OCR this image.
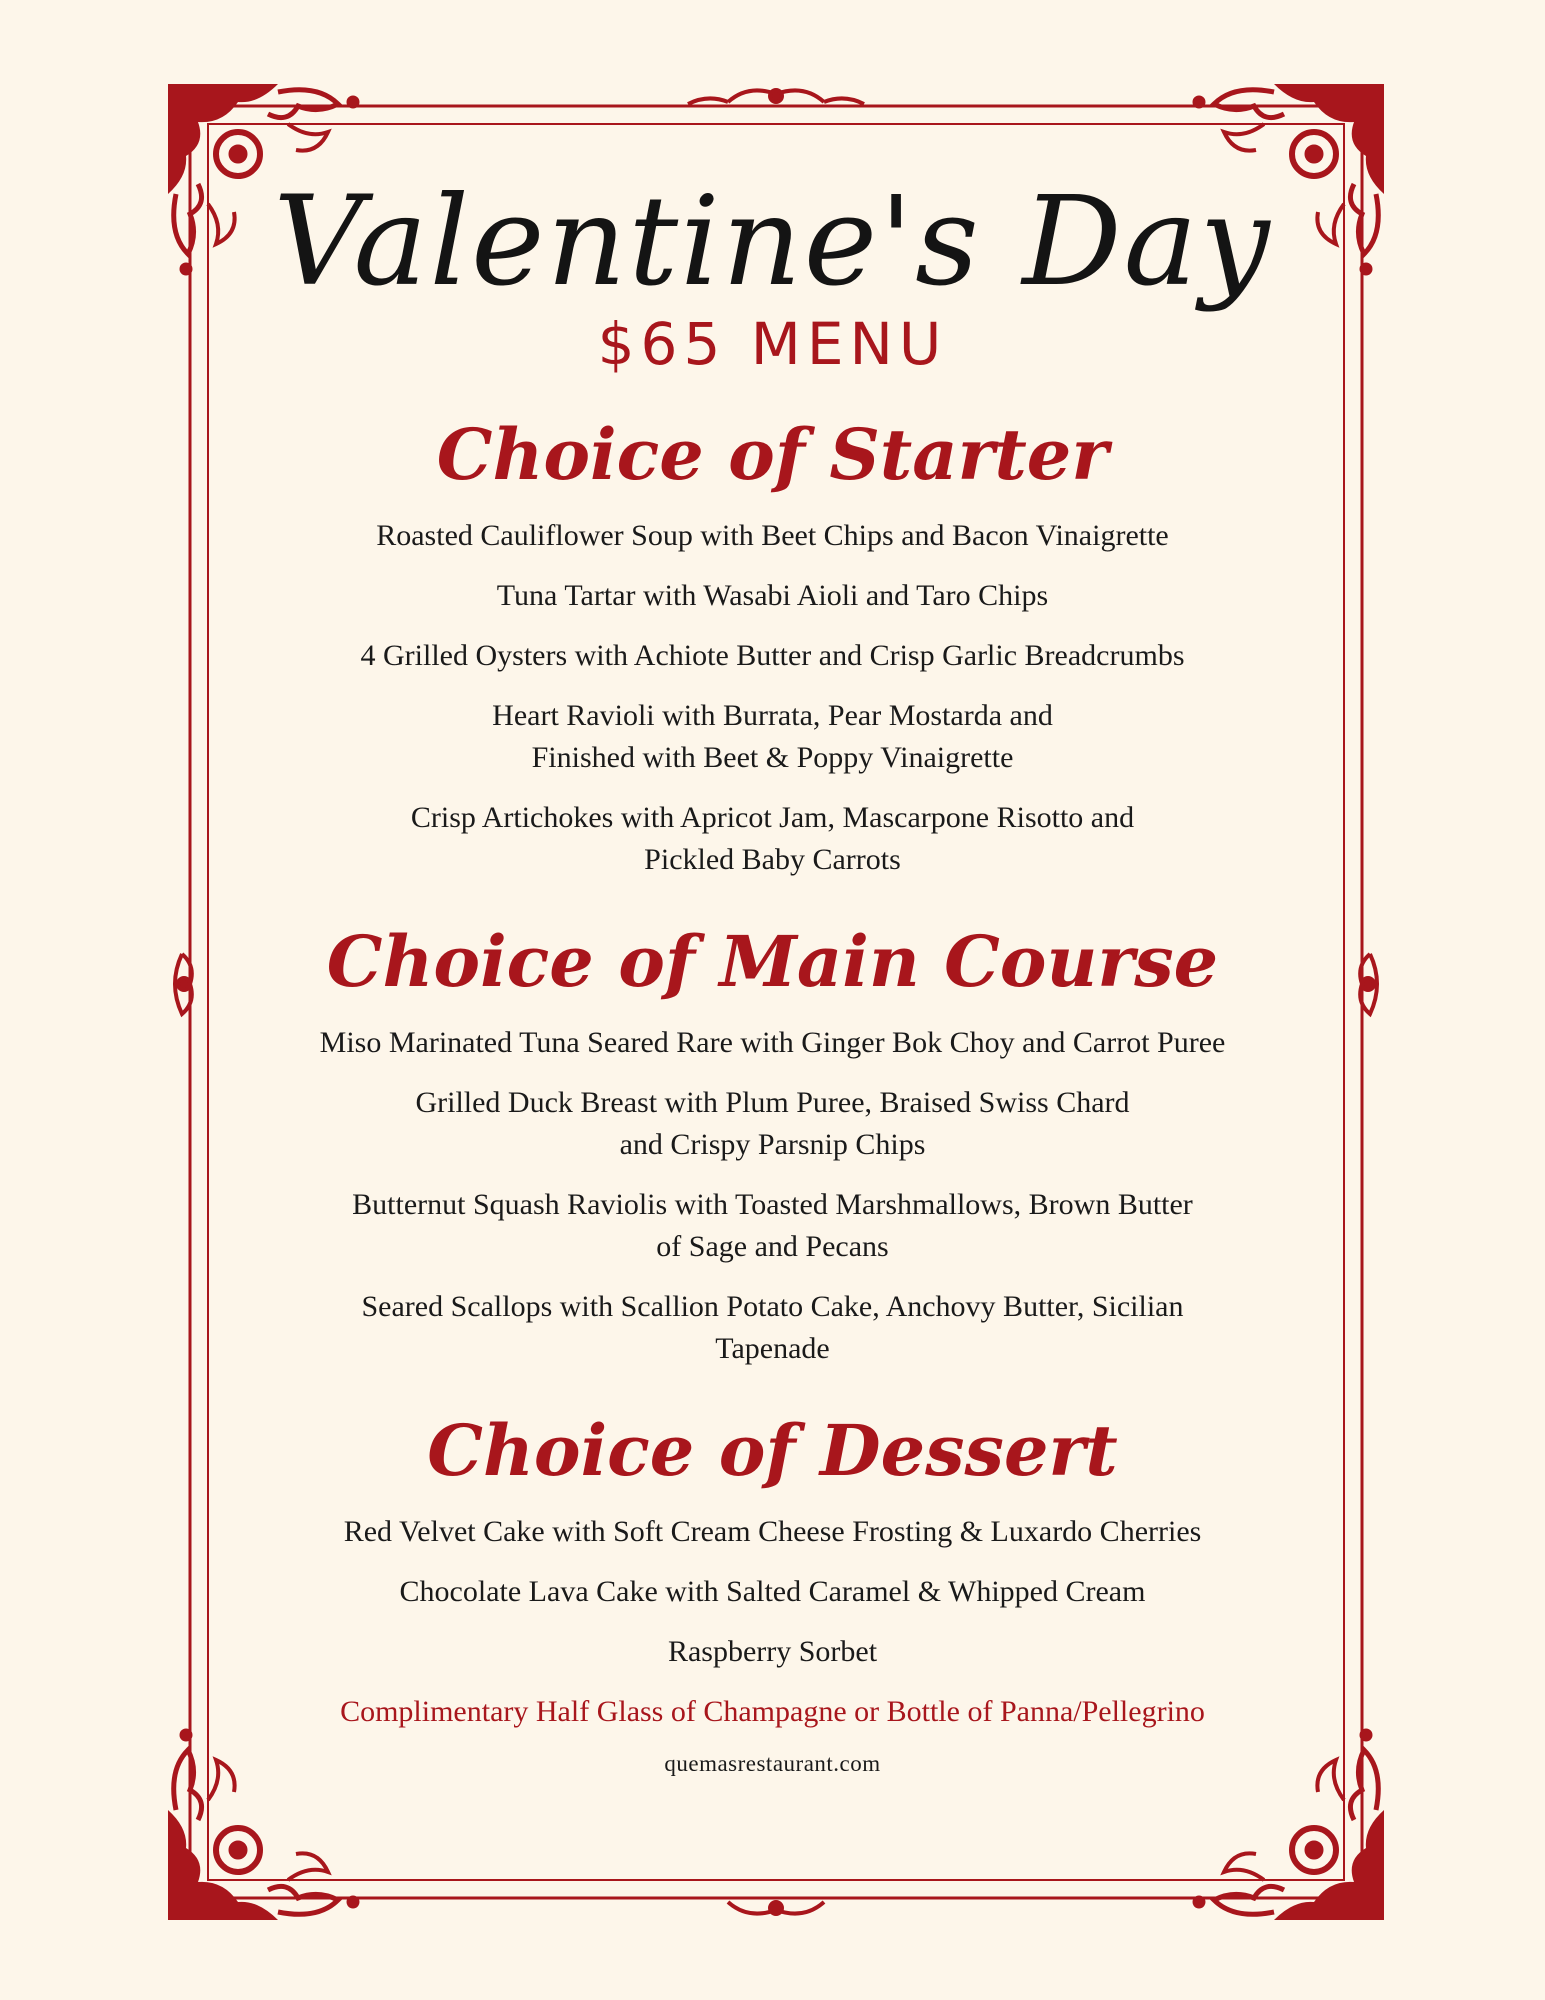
Valentine's Day
$65 MENU
Choice of Starter
Roasted Cauliflower Soup with Beet Chips and Bacon Vinaigrette
Tuna Tartar with Wasabi Aioli and Taro Chips
4 Grilled Oysters with Achiote Butter and Crisp Garlic Breadcrumbs
Heart Ravioli with Burrata, Pear Mostarda and
Finished with Beet & Poppy Vinaigrette
Crisp Artichokes with Apricot Jam, Mascarpone Risotto and
Pickled Baby Carrots
Choice of Main Course
Miso Marinated Tuna Seared Rare with Ginger Bok Choy and Carrot Puree
Grilled Duck Breast with Plum Puree, Braised Swiss Chard
and Crispy Parsnip Chips
Butternut Squash Raviolis with Toasted Marshmallows, Brown Butter
of Sage and Pecans
Seared Scallops with Scallion Potato Cake, Anchovy Butter, Sicilian
Tapenade
Choice of Dessert
Red Velvet Cake with Soft Cream Cheese Frosting & Luxardo Cherries
Chocolate Lava Cake with Salted Caramel & Whipped Cream
Raspberry Sorbet

Complimentary Half Glass of Champagne or Bottle of Panna/Pellegrino

quemasrestaurant.com
